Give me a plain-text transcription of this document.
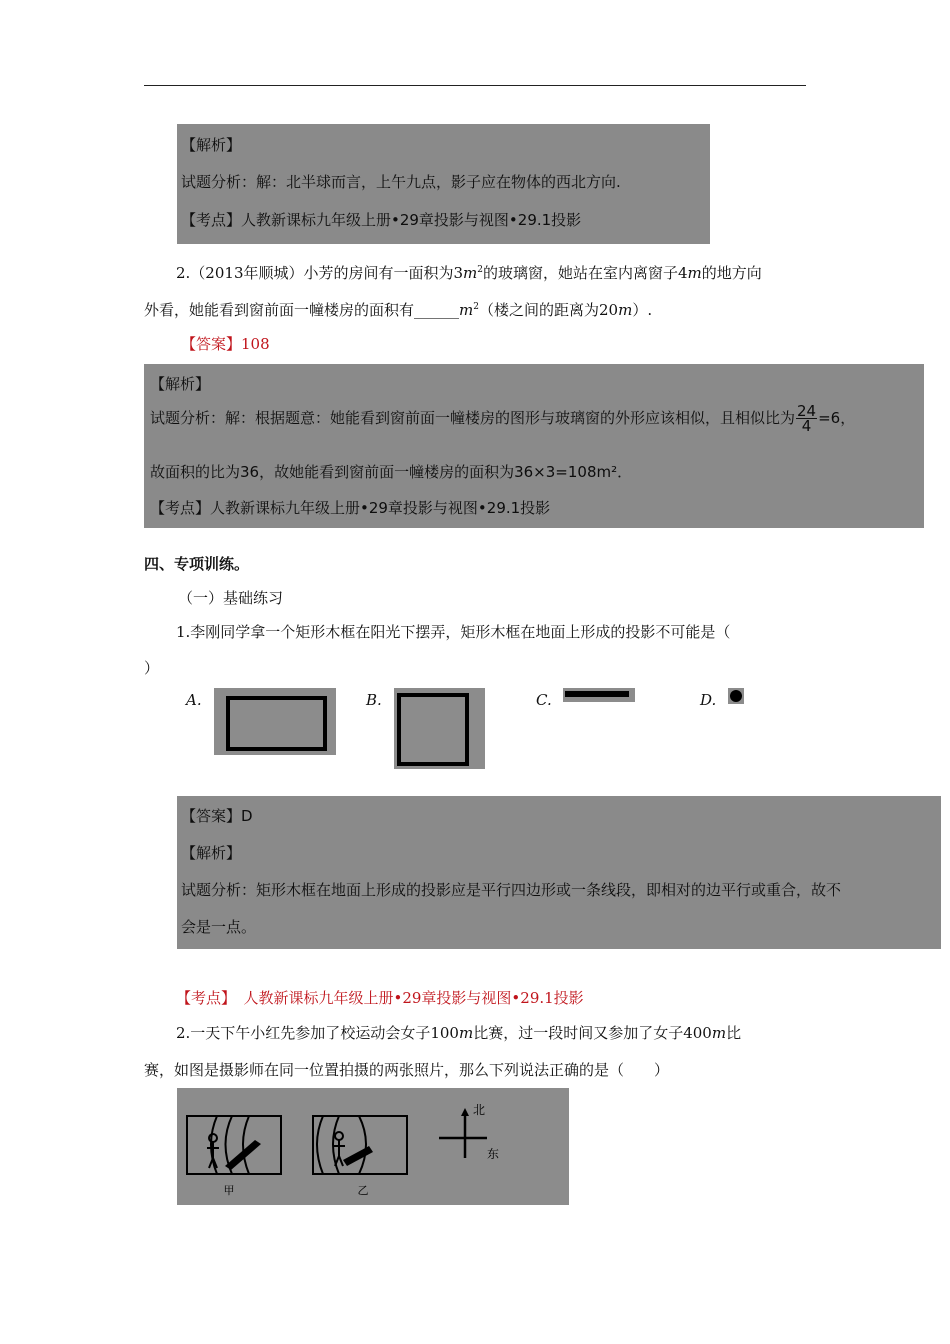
【解析】
试题分析：解：北半球而言，上午九点，影子应在物体的西北方向.
【考点】人教新课标九年级上册•29章投影与视图•29.1投影
2.（2013年顺城）小芳的房间有一面积为$3m^2$的玻璃窗，她站在室内离窗子4m的地方向
外看，她能看到窗前面一幢楼房的面积有$\_\_\_\_\_\_m^2$（楼之间的距离为20m）.
【答案】108
【解析】
试题分析：解：根据题意：她能看到窗前面一幢楼房的图形与玻璃窗的外形应该相似，且相似比为 $\frac{24}{4} =6$，
故面积的比为36，故她能看到窗前面一幢楼房的面积为36×3=108m²．
【考点】人教新课标九年级上册•29章投影与视图•29.1投影
四、专项训练。
（一）基础练习
1.李刚同学拿一个矩形木框在阳光下摆弄，矩形木框在地面上形成的投影不可能是（
）
A.	B.	C.	D.
【答案】D
【解析】
试题分析：矩形木框在地面上形成的投影应是平行四边形或一条线段，即相对的边平行或重合，故不
会是一点。
【考点】　人教新课标九年级上册•29章投影与视图•29.1投影
2.一天下午小红先参加了校运动会女子100m比赛，过一段时间又参加了女子400m比
赛，如图是摄影师在同一位置拍摄的两张照片，那么下列说法正确的是（　　）
甲	乙
北
东
